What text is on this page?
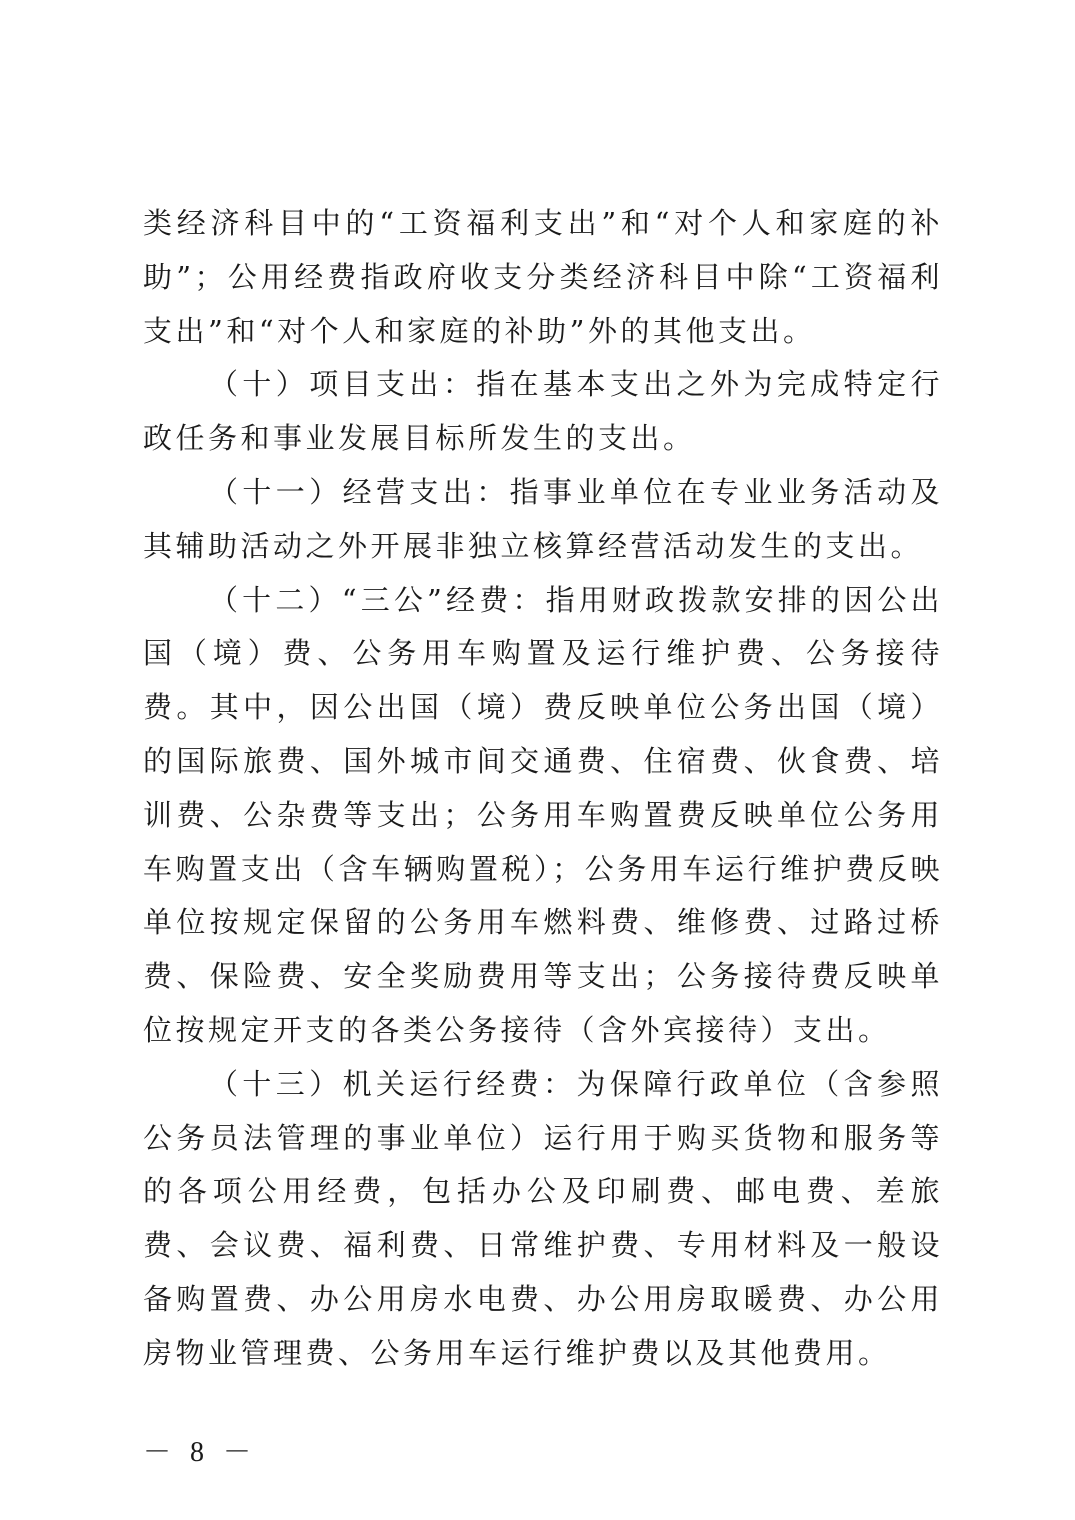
类经济科目中的“工资福利支出”和“对个人和家庭的补助”；公用经费指政府收支分类经济科目中除“工资福利支出”和“对个人和家庭的补助”外的其他支出。

（十）项目支出：指在基本支出之外为完成特定行政任务和事业发展目标所发生的支出。

（十一）经营支出：指事业单位在专业业务活动及其辅助活动之外开展非独立核算经营活动发生的支出。

（十二）“三公”经费：指用财政拨款安排的因公出国（境）费、公务用车购置及运行维护费、公务接待费。其中，因公出国（境）费反映单位公务出国（境）的国际旅费、国外城市间交通费、住宿费、伙食费、培训费、公杂费等支出；公务用车购置费反映单位公务用车购置支出（含车辆购置税）；公务用车运行维护费反映单位按规定保留的公务用车燃料费、维修费、过路过桥费、保险费、安全奖励费用等支出；公务接待费反映单位按规定开支的各类公务接待（含外宾接待）支出。

（十三）机关运行经费：为保障行政单位（含参照公务员法管理的事业单位）运行用于购买货物和服务等的各项公用经费，包括办公及印刷费、邮电费、差旅费、会议费、福利费、日常维护费、专用材料及一般设备购置费、办公用房水电费、办公用房取暖费、办公用房物业管理费、公务用车运行维护费以及其他费用。

－ 8 －
